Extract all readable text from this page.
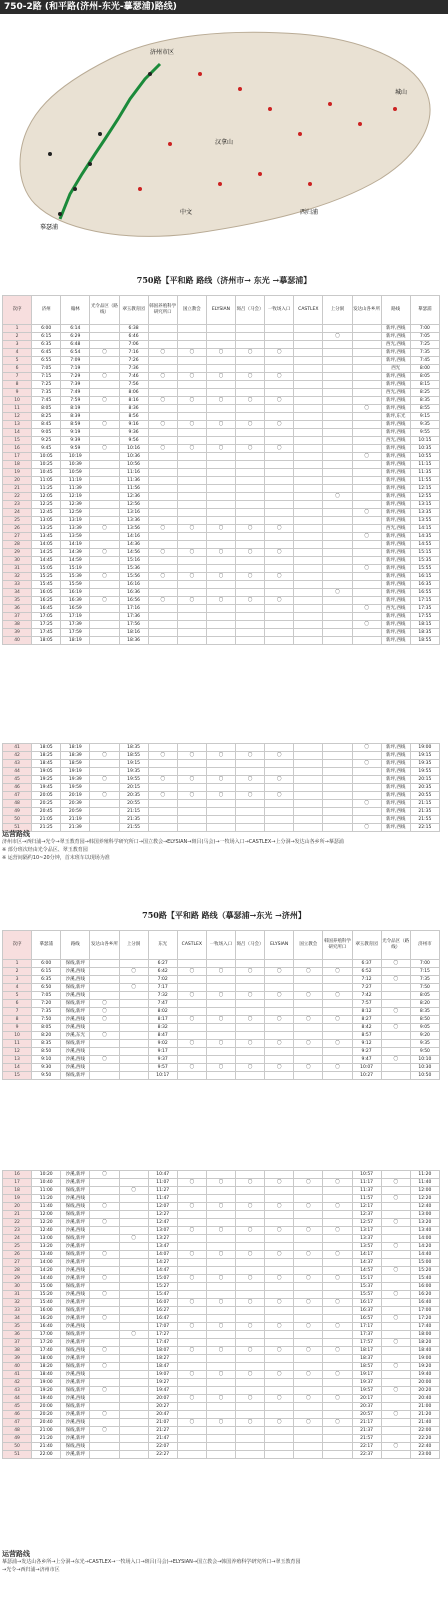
750-2路 (和平路(济州-东光-摹瑟浦)路线)
济州市区
城山
西归浦
中文
汉拿山
摹瑟浦
750路【平和路 路线（济州市→ 东光 →摹瑟浦】
次序	济州	翰林	光令品区（路线）	翠玉教育园	韩国养殖科学研究所口	国立教会	ELYSIAN	斑吕（马会）	一牧场入口	CASTLEX	上分洞	发达山各乡所	路线	摹瑟浦
1	6:00	6:14		6:38									新坪,西线	7:00
2	6:15	6:29		6:46							〇		新坪,西线	7:05
3	6:35	6:48		7:06									西光,西线	7:25
4	6:45	6:54	〇	7:16	〇	〇	〇	〇	〇				新坪,西线	7:35
5	6:55	7:09		7:26									新坪,西线	7:45
6	7:05	7:19		7:36									西光	8:00
7	7:15	7:29	〇	7:46	〇	〇	〇	〇	〇				新坪,西线	8:05
8	7:25	7:39		7:56									新坪,西线	8:15
9	7:35	7:49		8:06									西光,西线	8:25
10	7:45	7:59	〇	8:16	〇	〇	〇	〇	〇				新坪,西线	8:35
11	8:05	8:19		8:36								〇	新坪,西线	8:55
12	8:25	8:39		8:56									新坪,东光	9:15
13	8:45	8:59	〇	9:16	〇	〇	〇	〇	〇				新坪,西线	9:35
14	9:05	9:19		9:36									新坪,西线	9:55
15	9:25	9:39		9:56									西光,西线	10:15
16	9:45	9:59	〇	10:16	〇	〇	〇	〇	〇				新坪,西线	10:35
17	10:05	10:19		10:36								〇	新坪,西线	10:55
18	10:25	10:39		10:56									新坪,西线	11:15
19	10:45	10:59		11:16									新坪,西线	11:35
20	11:05	11:19		11:36									新坪,西线	11:55
21	11:25	11:39		11:56									新坪,西线	12:15
22	12:05	12:19		12:36							〇		新坪,西线	12:55
23	12:25	12:39		12:56									新坪,西线	13:15
24	12:45	12:59		13:16								〇	新坪,西线	13:35
25	13:05	13:19		13:36									新坪,西线	13:55
26	13:25	13:39	〇	13:56	〇	〇	〇	〇	〇				西光,西线	14:15
27	13:45	13:59		14:16								〇	新坪,西线	14:35
28	14:05	14:19		14:36									新坪,西线	14:55
29	14:25	14:39	〇	14:56	〇	〇	〇	〇	〇				新坪,西线	15:15
30	14:45	14:59		15:16									新坪,西线	15:35
31	15:05	15:19		15:36								〇	新坪,西线	15:55
32	15:25	15:39	〇	15:56	〇	〇	〇	〇	〇				新坪,西线	16:15
33	15:45	15:59		16:16									新坪,西线	16:35
34	16:05	16:19		16:36							〇		新坪,西线	16:55
35	16:25	16:39	〇	16:56	〇	〇	〇	〇	〇				新坪,西线	17:15
36	16:45	16:59		17:16								〇	西光,西线	17:35
37	17:05	17:19		17:36									新坪,西线	17:55
38	17:25	17:39		17:56								〇	新坪,西线	18:15
39	17:45	17:59		18:16									新坪,西线	18:35
40	18:05	18:19		18:36									新坪,西线	18:55
41	18:05	18:19		18:35								〇	新坪,西线	19:00
42	18:25	18:39	〇	18:55	〇	〇	〇	〇	〇				新坪,西线	19:15
43	18:45	18:59		19:15								〇	新坪,西线	19:35
44	19:05	19:19		19:35									新坪,西线	19:55
45	19:25	19:39	〇	19:55	〇	〇	〇	〇	〇				新坪,西线	20:15
46	19:45	19:59		20:15									新坪,西线	20:35
47	20:05	20:19	〇	20:35	〇	〇	〇	〇	〇				新坪,西线	20:55
48	20:25	20:39		20:55								〇	新坪,西线	21:15
49	20:45	20:59		21:15									新坪,西线	21:35
50	21:05	21:19		21:35									新坪,西线	21:55
51	21:25	21:39		21:55								〇	新坪,西线	22:15
运营路线
济州市区→西归浦→光令→翠玉教育园→韩国养殖科学研究所口→国立教会→ELYSIAN→斑吕(马会)→一牧场入口→CASTLEX→上分洞→发达山各乡所→摹瑟浦
※ 部分班次经由光令品区、翠玉教育园
※ 运营间隔约10~20分钟，首末班车以现场为准
750路【平和路 路线（摹瑟浦→东光 →济州】
次序	摹瑟浦	路线	发达山各乡所	上分洞	东光	CASTLEX	一牧场入口	斑吕（马会）	ELYSIAN	国立教会	韩国养殖科学研究所口	翠玉教育园	光令品区（路线）	济州市
1	6:00	保线,新坪			6:27							6:37	〇	7:00
2	6:15	沙溪,西线		〇	6:42	〇	〇	〇	〇	〇	〇	6:52		7:15
3	6:35	沙溪,西线			7:02							7:12	〇	7:35
4	6:50	保线,新坪		〇	7:17							7:27		7:50
5	7:05	沙溪,西线			7:32	〇	〇	〇	〇	〇	〇	7:42		8:05
6	7:20	保线,新坪	〇		7:47							7:57		8:20
7	7:35	保线,新坪	〇		8:02							8:12	〇	8:35
8	7:50	沙溪,西线	〇		8:17	〇	〇	〇	〇	〇	〇	8:27		8:50
9	8:05	沙溪,西线			8:32							8:42	〇	9:05
10	8:20	沙溪,东光	〇		8:47							8:57		9:20
11	8:35	保线,新坪			9:02	〇	〇	〇	〇	〇	〇	9:12		9:35
12	8:50	沙溪,西线			9:17							9:27		9:50
13	9:10	沙溪,西线	〇		9:37							9:47	〇	10:10
14	9:30	沙溪,西线			9:57	〇	〇	〇	〇	〇	〇	10:07		10:30
15	9:50	保线,新坪			10:17							10:27		10:50
16	10:20	沙溪,新坪	〇		10:47							10:57		11:20
17	10:40	沙溪,新坪			11:07	〇	〇	〇	〇	〇	〇	11:17	〇	11:40
18	11:00	保线,新坪		〇	11:27							11:37		12:00
19	11:20	沙溪,西线			11:47							11:57	〇	12:20
20	11:40	保线,西线	〇		12:07	〇	〇	〇	〇	〇	〇	12:17		12:40
21	12:00	保线,新坪			12:27							12:37		13:00
22	12:20	沙溪,新坪	〇		12:47							12:57	〇	13:20
23	12:40	沙溪,西线			13:07	〇	〇	〇	〇	〇	〇	13:17		13:40
24	13:00	保线,新坪		〇	13:27							13:37		14:00
25	13:20	沙溪,新坪			13:47							13:57	〇	14:20
26	13:40	保线,新坪	〇		14:07	〇	〇	〇	〇	〇	〇	14:17		14:40
27	14:00	沙溪,新坪			14:27							14:37		15:00
28	14:20	沙溪,西线			14:47							14:57	〇	15:20
29	14:40	沙溪,新坪	〇		15:07	〇	〇	〇	〇	〇	〇	15:17		15:40
30	15:00	保线,新坪			15:27							15:37		16:00
31	15:20	沙溪,西线	〇		15:47							15:57	〇	16:20
32	15:40	沙溪,新坪			16:07	〇	〇	〇	〇	〇	〇	16:17		16:40
33	16:00	保线,新坪			16:27							16:37		17:00
34	16:20	沙溪,新坪	〇		16:47							16:57	〇	17:20
35	16:40	沙溪,西线			17:07	〇	〇	〇	〇	〇	〇	17:17		17:40
36	17:00	保线,新坪		〇	17:27							17:37		18:00
37	17:20	沙溪,新坪			17:47							17:57	〇	18:20
38	17:40	保线,西线	〇		18:07	〇	〇	〇	〇	〇	〇	18:17		18:40
39	18:00	沙溪,新坪			18:27							18:37		19:00
40	18:20	保线,新坪	〇		18:47							18:57	〇	19:20
41	18:40	沙溪,西线			19:07	〇	〇	〇	〇	〇	〇	19:17		19:40
42	19:00	沙溪,新坪			19:27							19:37		20:00
43	19:20	保线,新坪	〇		19:47							19:57	〇	20:20
44	19:40	沙溪,西线			20:07	〇	〇	〇	〇	〇	〇	20:17		20:40
45	20:00	保线,新坪			20:27							20:37		21:00
46	20:20	沙溪,新坪	〇		20:47							20:57	〇	21:20
47	20:40	沙溪,西线			21:07	〇	〇	〇	〇	〇	〇	21:17		21:40
48	21:00	保线,新坪	〇		21:27							21:37		22:00
49	21:20	沙溪,新坪			21:47							21:57		22:20
50	21:40	保线,西线			22:07							22:17	〇	22:40
51	22:00	沙溪,新坪			22:27							22:37		23:00
运营路线
摹瑟浦→发达山各乡所→上分洞→东光→CASTLEX→一牧场入口→斑吕(马会)→ELYSIAN→国立教会→韩国养殖科学研究所口→翠玉教育园
→光令→西归浦→济州市区
